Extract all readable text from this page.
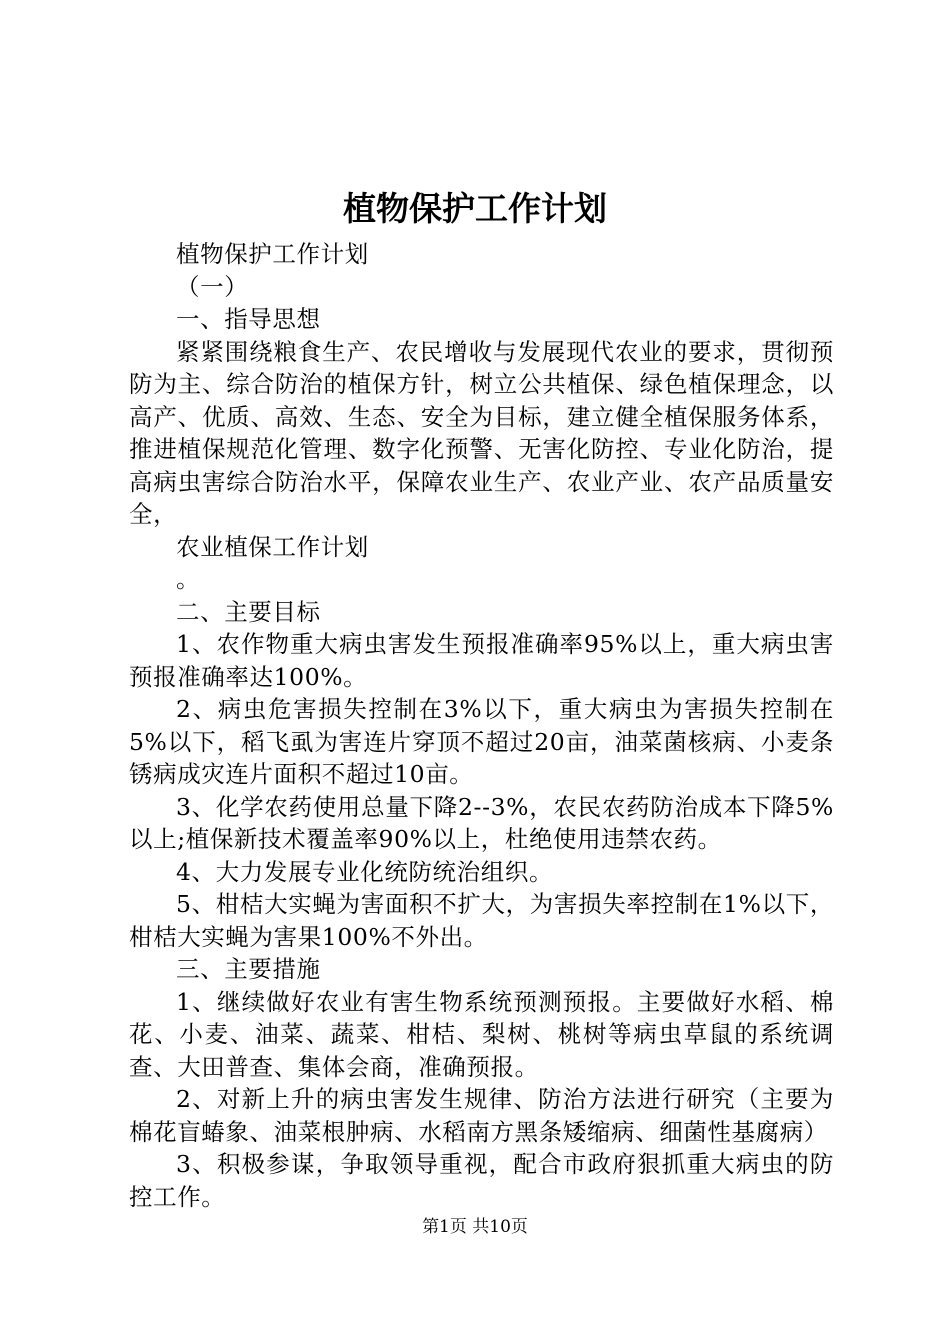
植物保护工作计划

植物保护工作计划

（一）

一、指导思想

紧紧围绕粮食生产、农民增收与发展现代农业的要求，贯彻预防为主、综合防治的植保方针，树立公共植保、绿色植保理念，以高产、优质、高效、生态、安全为目标，建立健全植保服务体系，推进植保规范化管理、数字化预警、无害化防控、专业化防治，提高病虫害综合防治水平，保障农业生产、农业产业、农产品质量安全，

农业植保工作计划

。

二、主要目标

1、农作物重大病虫害发生预报准确率95%以上，重大病虫害预报准确率达100%。

2、病虫危害损失控制在3%以下，重大病虫为害损失控制在5%以下，稻飞虱为害连片穿顶不超过20亩，油菜菌核病、小麦条锈病成灾连片面积不超过10亩。

3、化学农药使用总量下降2--3%，农民农药防治成本下降5%以上;植保新技术覆盖率90%以上，杜绝使用违禁农药。

4、大力发展专业化统防统治组织。

5、柑桔大实蝇为害面积不扩大，为害损失率控制在1%以下，柑桔大实蝇为害果100%不外出。

三、主要措施

1、继续做好农业有害生物系统预测预报。主要做好水稻、棉花、小麦、油菜、蔬菜、柑桔、梨树、桃树等病虫草鼠的系统调查、大田普查、集体会商，准确预报。

2、对新上升的病虫害发生规律、防治方法进行研究（主要为棉花盲蝽象、油菜根肿病、水稻南方黑条矮缩病、细菌性基腐病）

3、积极参谋，争取领导重视，配合市政府狠抓重大病虫的防控工作。

第1页 共10页
